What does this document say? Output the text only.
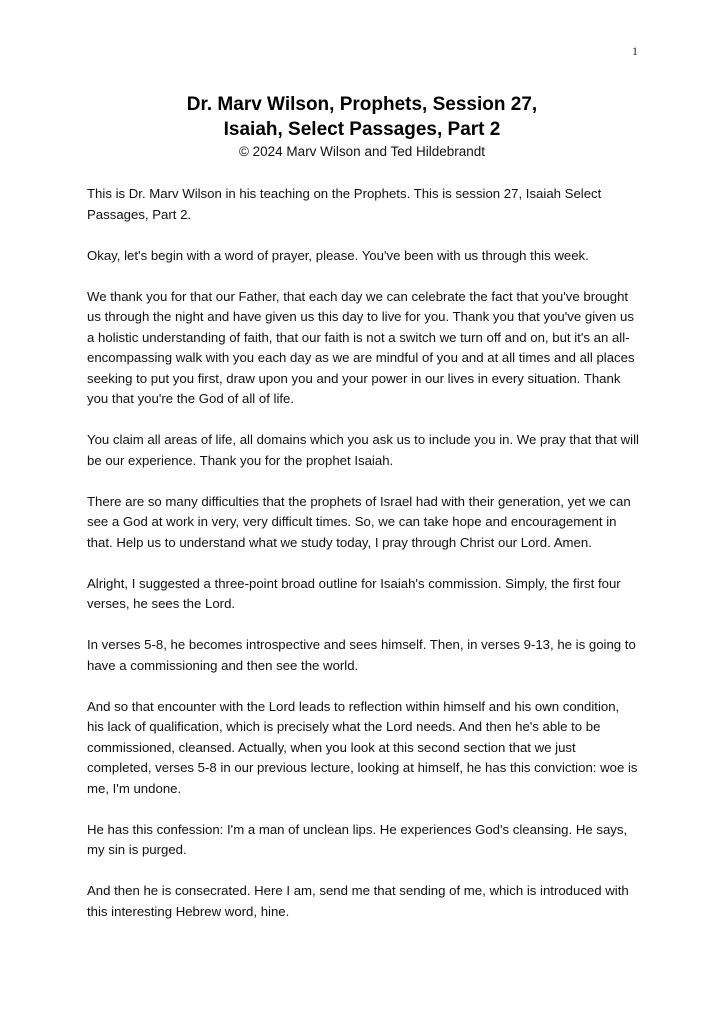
1
Dr. Marv Wilson, Prophets, Session 27,
Isaiah, Select Passages, Part 2
© 2024 Marv Wilson and Ted Hildebrandt

This is Dr. Marv Wilson in his teaching on the Prophets. This is session 27, Isaiah Select Passages, Part 2.

Okay, let's begin with a word of prayer, please. You've been with us through this week.

We thank you for that our Father, that each day we can celebrate the fact that you've brought us through the night and have given us this day to live for you. Thank you that you've given us a holistic understanding of faith, that our faith is not a switch we turn off and on, but it's an all-encompassing walk with you each day as we are mindful of you and at all times and all places seeking to put you first, draw upon you and your power in our lives in every situation. Thank you that you're the God of all of life.

You claim all areas of life, all domains which you ask us to include you in. We pray that that will be our experience. Thank you for the prophet Isaiah.

There are so many difficulties that the prophets of Israel had with their generation, yet we can see a God at work in very, very difficult times. So, we can take hope and encouragement in that. Help us to understand what we study today, I pray through Christ our Lord. Amen.

Alright, I suggested a three-point broad outline for Isaiah's commission. Simply, the first four verses, he sees the Lord.

In verses 5-8, he becomes introspective and sees himself. Then, in verses 9-13, he is going to have a commissioning and then see the world.

And so that encounter with the Lord leads to reflection within himself and his own condition, his lack of qualification, which is precisely what the Lord needs. And then he's able to be commissioned, cleansed. Actually, when you look at this second section that we just completed, verses 5-8 in our previous lecture, looking at himself, he has this conviction: woe is me, I'm undone.

He has this confession: I'm a man of unclean lips. He experiences God's cleansing. He says, my sin is purged.

And then he is consecrated. Here I am, send me that sending of me, which is introduced with this interesting Hebrew word, hine.
